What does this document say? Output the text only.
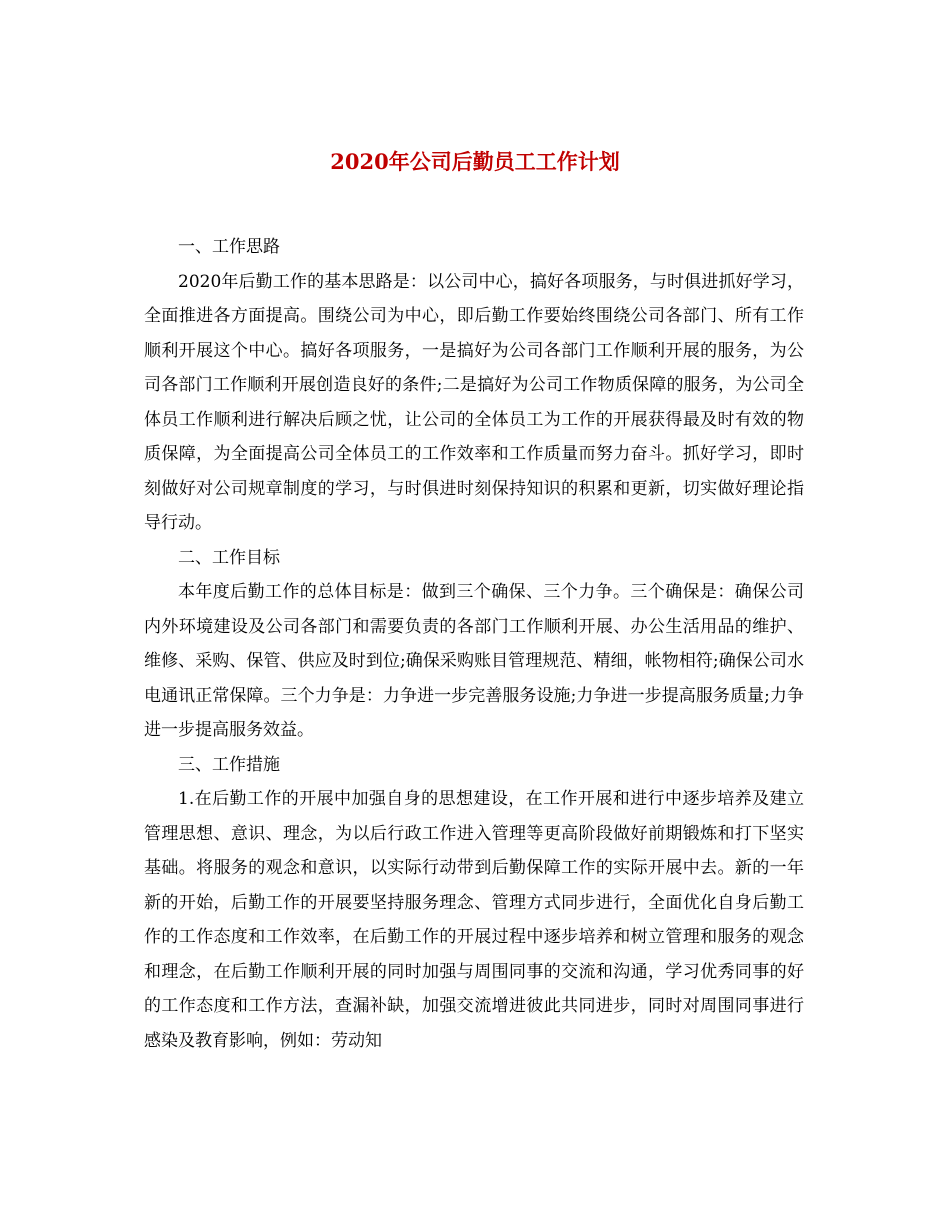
2020年公司后勤员工工作计划

一、工作思路

2020年后勤工作的基本思路是：以公司中心，搞好各项服务，与时俱进抓好学习，全面推进各方面提高。围绕公司为中心，即后勤工作要始终围绕公司各部门、所有工作顺利开展这个中心。搞好各项服务，一是搞好为公司各部门工作顺利开展的服务，为公司各部门工作顺利开展创造良好的条件;二是搞好为公司工作物质保障的服务，为公司全体员工作顺利进行解决后顾之忧，让公司的全体员工为工作的开展获得最及时有效的物质保障，为全面提高公司全体员工的工作效率和工作质量而努力奋斗。抓好学习，即时刻做好对公司规章制度的学习，与时俱进时刻保持知识的积累和更新，切实做好理论指导行动。

二、工作目标

本年度后勤工作的总体目标是：做到三个确保、三个力争。三个确保是：确保公司内外环境建设及公司各部门和需要负责的各部门工作顺利开展、办公生活用品的维护、维修、采购、保管、供应及时到位;确保采购账目管理规范、精细，帐物相符;确保公司水电通讯正常保障。三个力争是：力争进一步完善服务设施;力争进一步提高服务质量;力争进一步提高服务效益。

三、工作措施

1.在后勤工作的开展中加强自身的思想建设，在工作开展和进行中逐步培养及建立管理思想、意识、理念，为以后行政工作进入管理等更高阶段做好前期锻炼和打下坚实基础。将服务的观念和意识，以实际行动带到后勤保障工作的实际开展中去。新的一年新的开始，后勤工作的开展要坚持服务理念、管理方式同步进行，全面优化自身后勤工作的工作态度和工作效率，在后勤工作的开展过程中逐步培养和树立管理和服务的观念和理念，在后勤工作顺利开展的同时加强与周围同事的交流和沟通，学习优秀同事的好的工作态度和工作方法，查漏补缺，加强交流增进彼此共同进步，同时对周围同事进行感染及教育影响，例如：劳动知
